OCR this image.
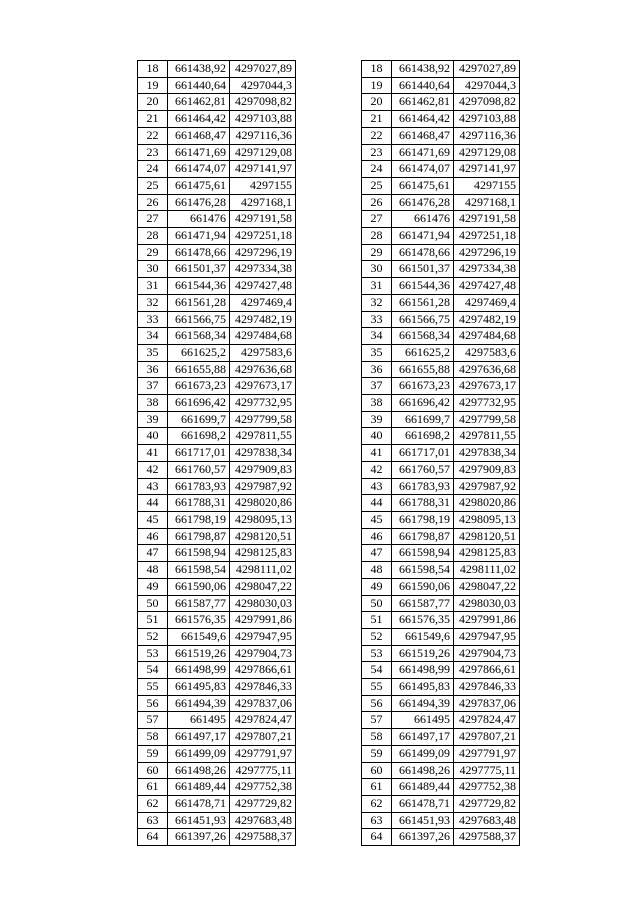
18	661438,92	4297027,89
19	661440,64	4297044,3
20	661462,81	4297098,82
21	661464,42	4297103,88
22	661468,47	4297116,36
23	661471,69	4297129,08
24	661474,07	4297141,97
25	661475,61	4297155
26	661476,28	4297168,1
27	661476	4297191,58
28	661471,94	4297251,18
29	661478,66	4297296,19
30	661501,37	4297334,38
31	661544,36	4297427,48
32	661561,28	4297469,4
33	661566,75	4297482,19
34	661568,34	4297484,68
35	661625,2	4297583,6
36	661655,88	4297636,68
37	661673,23	4297673,17
38	661696,42	4297732,95
39	661699,7	4297799,58
40	661698,2	4297811,55
41	661717,01	4297838,34
42	661760,57	4297909,83
43	661783,93	4297987,92
44	661788,31	4298020,86
45	661798,19	4298095,13
46	661798,87	4298120,51
47	661598,94	4298125,83
48	661598,54	4298111,02
49	661590,06	4298047,22
50	661587,77	4298030,03
51	661576,35	4297991,86
52	661549,6	4297947,95
53	661519,26	4297904,73
54	661498,99	4297866,61
55	661495,83	4297846,33
56	661494,39	4297837,06
57	661495	4297824,47
58	661497,17	4297807,21
59	661499,09	4297791,97
60	661498,26	4297775,11
61	661489,44	4297752,38
62	661478,71	4297729,82
63	661451,93	4297683,48
64	661397,26	4297588,37
18	661438,92	4297027,89
19	661440,64	4297044,3
20	661462,81	4297098,82
21	661464,42	4297103,88
22	661468,47	4297116,36
23	661471,69	4297129,08
24	661474,07	4297141,97
25	661475,61	4297155
26	661476,28	4297168,1
27	661476	4297191,58
28	661471,94	4297251,18
29	661478,66	4297296,19
30	661501,37	4297334,38
31	661544,36	4297427,48
32	661561,28	4297469,4
33	661566,75	4297482,19
34	661568,34	4297484,68
35	661625,2	4297583,6
36	661655,88	4297636,68
37	661673,23	4297673,17
38	661696,42	4297732,95
39	661699,7	4297799,58
40	661698,2	4297811,55
41	661717,01	4297838,34
42	661760,57	4297909,83
43	661783,93	4297987,92
44	661788,31	4298020,86
45	661798,19	4298095,13
46	661798,87	4298120,51
47	661598,94	4298125,83
48	661598,54	4298111,02
49	661590,06	4298047,22
50	661587,77	4298030,03
51	661576,35	4297991,86
52	661549,6	4297947,95
53	661519,26	4297904,73
54	661498,99	4297866,61
55	661495,83	4297846,33
56	661494,39	4297837,06
57	661495	4297824,47
58	661497,17	4297807,21
59	661499,09	4297791,97
60	661498,26	4297775,11
61	661489,44	4297752,38
62	661478,71	4297729,82
63	661451,93	4297683,48
64	661397,26	4297588,37
